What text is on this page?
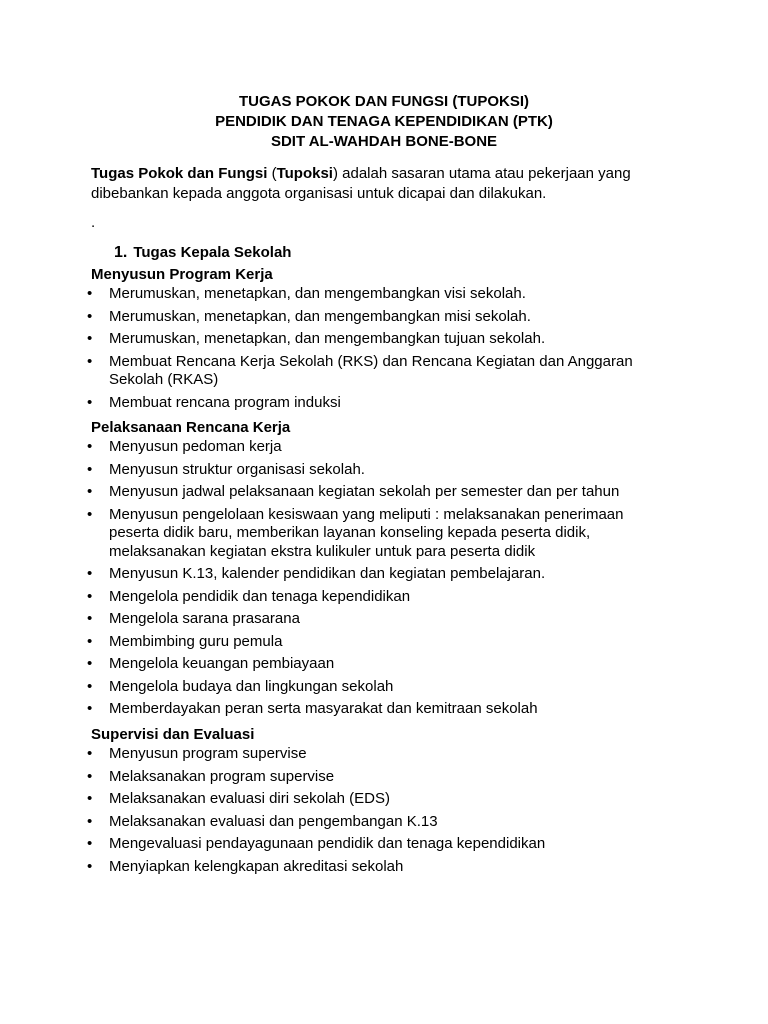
TUGAS POKOK DAN FUNGSI (TUPOKSI)
PENDIDIK DAN TENAGA KEPENDIDIKAN (PTK)
SDIT AL-WAHDAH BONE-BONE
Tugas Pokok dan Fungsi (Tupoksi) adalah sasaran utama atau pekerjaan yang dibebankan kepada anggota organisasi untuk dicapai dan dilakukan.
.
1. Tugas Kepala Sekolah
Menyusun Program Kerja
• Merumuskan, menetapkan, dan mengembangkan visi sekolah.
• Merumuskan, menetapkan, dan mengembangkan misi sekolah.
• Merumuskan, menetapkan, dan mengembangkan tujuan sekolah.
• Membuat Rencana Kerja Sekolah (RKS) dan Rencana Kegiatan dan Anggaran Sekolah (RKAS)
• Membuat rencana program induksi
Pelaksanaan Rencana Kerja
• Menyusun pedoman kerja
• Menyusun struktur organisasi sekolah.
• Menyusun jadwal pelaksanaan kegiatan sekolah per semester dan per tahun
• Menyusun pengelolaan kesiswaan yang meliputi : melaksanakan penerimaan peserta didik baru, memberikan layanan konseling kepada peserta didik, melaksanakan kegiatan ekstra kulikuler untuk para peserta didik
• Menyusun K.13, kalender pendidikan dan kegiatan pembelajaran.
• Mengelola pendidik dan tenaga kependidikan
• Mengelola sarana prasarana
• Membimbing guru pemula
• Mengelola keuangan pembiayaan
• Mengelola budaya dan lingkungan sekolah
• Memberdayakan peran serta masyarakat dan kemitraan sekolah
Supervisi dan Evaluasi
• Menyusun program supervise
• Melaksanakan program supervise
• Melaksanakan evaluasi diri sekolah (EDS)
• Melaksanakan evaluasi dan pengembangan K.13
• Mengevaluasi pendayagunaan pendidik dan tenaga kependidikan
• Menyiapkan kelengkapan akreditasi sekolah
